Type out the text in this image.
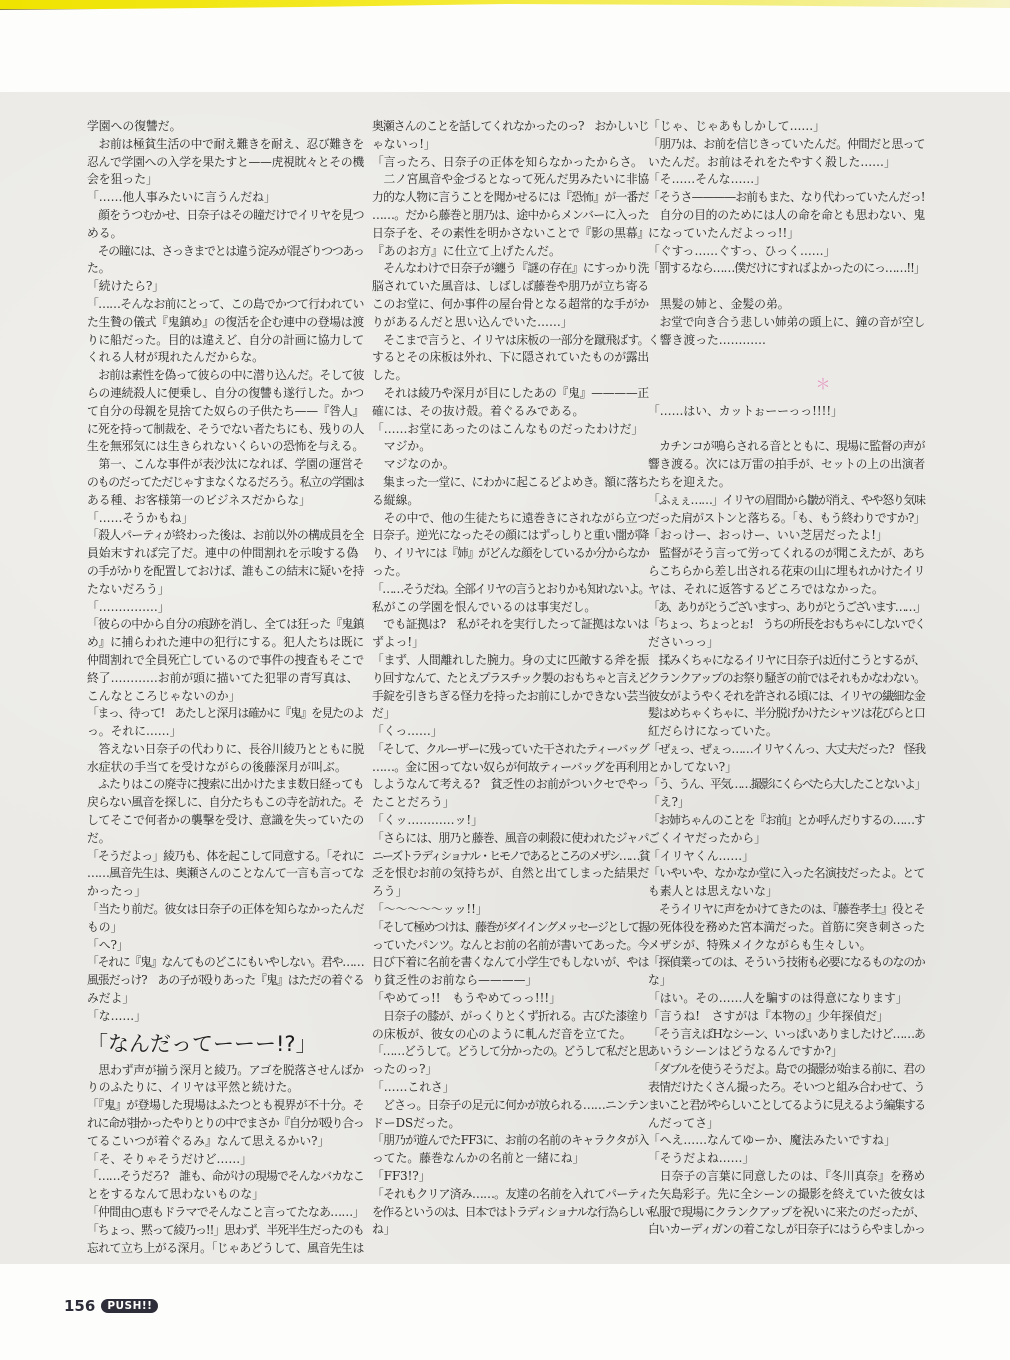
学園への復讐だ。
　お前は極貧生活の中で耐え難きを耐え、忍び難きを
忍んで学園への入学を果たすと——虎視眈々とその機
会を狙った」
「……他人事みたいに言うんだね」
　顔をうつむかせ、日奈子はその瞳だけでイリヤを見つ
める。
　その瞳には、さっきまでとは違う淀みが混ざりつつあっ
た。
「続けたら?」
「……そんなお前にとって、この島でかつて行われてい
た生贄の儀式『鬼鎮め』の復活を企む連中の登場は渡
りに船だった。目的は違えど、自分の計画に協力して
くれる人材が現れたんだからな。
　お前は素性を偽って彼らの中に潜り込んだ。そして彼
らの連続殺人に便乗し、自分の復讐も遂行した。かつ
て自分の母親を見捨てた奴らの子供たち——『咎人』
に死を持って制裁を、そうでない者たちにも、残りの人
生を無邪気には生きられないくらいの恐怖を与える。
　第一、こんな事件が表沙汰になれば、学園の運営そ
のものだってただじゃすまなくなるだろう。私立の学園は
ある種、お客様第一のビジネスだからな」
「……そうかもね」
「殺人パーティが終わった後は、お前以外の構成員を全
員始末すれば完了だ。連中の仲間割れを示唆する偽
の手がかりを配置しておけば、誰もこの結末に疑いを持
たないだろう」
「……………」
「彼らの中から自分の痕跡を消し、全ては狂った『鬼鎮
め』に捕らわれた連中の犯行にする。犯人たちは既に
仲間割れで全員死亡しているので事件の捜査もそこで
終了…………お前が頭に描いてた犯罪の青写真は、
こんなところじゃないのか」
「まっ、待って!　あたしと深月は確かに『鬼』を見たのよ
っ。それに……」
　答えない日奈子の代わりに、長谷川綾乃とともに脱
水症状の手当てを受けながらの後藤深月が叫ぶ。
　ふたりはこの廃寺に捜索に出かけたまま数日経っても
戻らない風音を探しに、自分たちもこの寺を訪れた。そ
してそこで何者かの襲撃を受け、意識を失っていたの
だ。
「そうだよっ」綾乃も、体を起こして同意する。「それに
……風音先生は、奥瀬さんのことなんて一言も言ってな
かったっ」
「当たり前だ。彼女は日奈子の正体を知らなかったんだ
もの」
「へ?」
「それに『鬼』なんてものどこにもいやしない。君や……
風張だっけ?　あの子が殴りあった『鬼』はただの着ぐる
みだよ」
「な……」
「なんだってーーー!?」
　思わず声が揃う深月と綾乃。アゴを脱落させんばか
りのふたりに、イリヤは平然と続けた。
「『鬼』が登場した現場はふたつとも視界が不十分。そ
れに命が掛かったやりとりの中でまさか『自分が殴り合っ
てるこいつが着ぐるみ』なんて思えるかい?」
「そ、そりゃそうだけど……」
「……そうだろ?　誰も、命がけの現場でそんなバカなこ
とをするなんて思わないものな」
「仲間由○恵もドラマでそんなこと言ってたなあ……」
「ちょっ、黙って綾乃っ!!」思わず、半死半生だったのも
忘れて立ち上がる深月。「じゃあどうして、風音先生は
奥瀬さんのことを話してくれなかったのっ?　おかしいじ
ゃないっ!」
「言ったろ、日奈子の正体を知らなかったからさ。
　二ノ宮風音や金づるとなって死んだ男みたいに非協
力的な人物に言うことを聞かせるには『恐怖』が一番だ
……。だから藤巻と朋乃は、途中からメンバーに入った
日奈子を、その素性を明かさないことで『影の黒幕』
『あのお方』に仕立て上げたんだ。
　そんなわけで日奈子が纏う『謎の存在』にすっかり洗
脳されていた風音は、しばしば藤巻や朋乃が立ち寄る
このお堂に、何か事件の屋台骨となる超常的な手がか
りがあるんだと思い込んでいた……」
　そこまで言うと、イリヤは床板の一部分を蹴飛ばす。
するとその床板は外れ、下に隠されていたものが露出
した。
　それは綾乃や深月が目にしたあの『鬼』————正
確には、その抜け殻。着ぐるみである。
「……お堂にあったのはこんなものだったわけだ」
　マジか。
　マジなのか。
　集まった一堂に、にわかに起こるどよめき。額に落ち
る縦線。
　その中で、他の生徒たちに遠巻きにされながら立つ
日奈子。逆光になったその顔にはずっしりと重い闇が降
り、イリヤには『姉』がどんな顔をしているか分からなか
った。
「……そうだね。全部イリヤの言うとおりかも知れないよ。
私がこの学園を恨んでいるのは事実だし。
　でも証拠は?　私がそれを実行したって証拠はないは
ずよっ!」
「まず、人間離れした腕力。身の丈に匹敵する斧を振
り回すなんて、たとえプラスチック製のおもちゃと言えど
手錠を引きちぎる怪力を持ったお前にしかできない芸当
だ」
「くっ……」
「そして、クルーザーに残っていた干されたティーバッグ
……。金に困ってない奴らが何故ティーバッグを再利用
しようなんて考える?　貧乏性のお前がついクセでやっ
たことだろう」
「くッ…………ッ!」
「さらには、朋乃と藤巻、風音の刺殺に使われたジャパ
ニーズトラディショナル・ヒモノであるところのメザシ……貧
乏を恨むお前の気持ちが、自然と出てしまった結果だ
ろう」
「〜〜〜〜〜ッッ!!」
「そして極めつけは、藤巻がダイイングメッセージとして握
っていたパンツ。なんとお前の名前が書いてあった。今
日び下着に名前を書くなんて小学生でもしないが、やは
り貧乏性のお前なら————」
「やめてっ!!　もうやめてっっ!!!」
　日奈子の膝が、がっくりとくず折れる。古びた漆塗り
の床板が、彼女の心のように軋んだ音を立てた。
「……どうして。どうして分かったの。どうして私だと思
ったのっ?」
「……これさ」
　どさっ。日奈子の足元に何かが放られる……ニンテン
ドーDSだった。
「朋乃が遊んでたFF3に、お前の名前のキャラクタが入
ってた。藤巻なんかの名前と一緒にね」
「FF3!?」
「それもクリア済み……。友達の名前を入れてパーティ
を作るというのは、日本ではトラディショナルな行為らしい
ね」
「じゃ、じゃあもしかして……」
「朋乃は、お前を信じきっていたんだ。仲間だと思って
いたんだ。お前はそれをたやすく殺した……」
「そ……そんな……」
「そうさ————お前もまた、なり代わっていたんだっ!
　自分の目的のためには人の命を命とも思わない、鬼
になっていたんだよっっ!!」
「ぐすっ……ぐすっ、ひっく……」
「罰するなら……僕だけにすればよかったのにっ……!!」
　黒髪の姉と、金髪の弟。
　お堂で向き合う悲しい姉弟の頭上に、鐘の音が空し
く響き渡った…………
＊
「……はい、カットぉーーっっ!!!!」
　カチンコが鳴らされる音とともに、現場に監督の声が
響き渡る。次には万雷の拍手が、セットの上の出演者
たちを迎えた。
「ふぇぇ……」イリヤの眉間から皺が消え、やや怒り気味
だった肩がストンと落ちる。「も、もう終わりですか?」
「おっけー、おっけー、いい芝居だったよ!」
　監督がそう言って労ってくれるのが聞こえたが、あち
らこちらから差し出される花束の山に埋もれかけたイリ
ヤは、それに返答するどころではなかった。
「あ、ありがとうございますっ、ありがとうございます……」
「ちょっ、ちょっとぉ!　うちの所長をおもちゃにしないでく
ださいっっ」
　揉みくちゃになるイリヤに日奈子は近付こうとするが、
クランクアップのお祭り騒ぎの前ではそれもかなわない。
彼女がようやくそれを許される頃には、イリヤの繊細な金
髪はめちゃくちゃに、半分脱げかけたシャツは花びらと口
紅だらけになっていた。
「ぜぇっ、ぜぇっ……イリヤくんっ、大丈夫だった?　怪我
とかしてない?」
「う、うん、平気……撮影にくらべたら大したことないよ」
「え?」
「お姉ちゃんのことを『お前』とか呼んだりするの……す
ごくイヤだったから」
「イリヤくん……」
「いやいや、なかなか堂に入った名演技だったよ。とて
も素人とは思えないな」
　そうイリヤに声をかけてきたのは、『藤巻孝士』役とそ
の死体役を務めた宮本満だった。首筋に突き刺さった
メザシが、特殊メイクながらも生々しい。
「探偵業ってのは、そういう技術も必要になるものなのか
な」
「はい。その……人を騙すのは得意になります」
「言うね!　さすがは『本物の』少年探偵だ」
「そう言えばHなシーン、いっぱいありましたけど……あ
あいうシーンはどうなるんですか?」
「ダブルを使うそうだよ。島での撮影が始まる前に、君の
表情だけたくさん撮ったろ。そいつと組み合わせて、う
まいこと君がやらしいことしてるように見えるよう編集する
んだってさ」
「へえ……なんてゆーか、魔法みたいですね」
「そうだよね……」
　日奈子の言葉に同意したのは、『冬川真奈』を務め
た矢島彩子。先に全シーンの撮影を終えていた彼女は
私服で現場にクランクアップを祝いに来たのだったが、
白いカーディガンの着こなしが日奈子にはうらやましかっ
156	PUSH!!
